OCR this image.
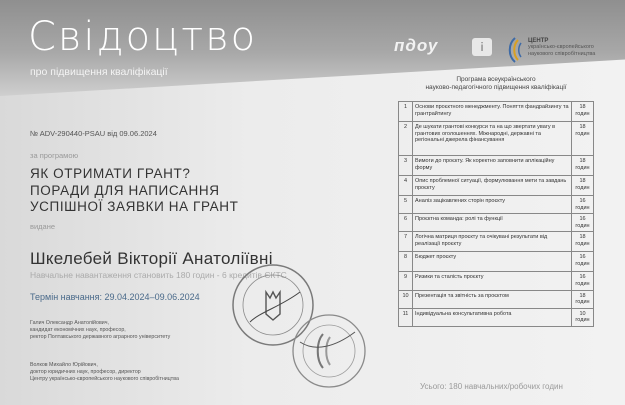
Свідоцтво
про підвищення кваліфікації
пдоу	i	ЦЕНТР
українсько-європейського наукового співробітництва
№ ADV-290440-PSAU від 09.06.2024
за програмою
ЯК ОТРИМАТИ ГРАНТ?
ПОРАДИ ДЛЯ НАПИСАННЯ
УСПІШНОЇ ЗАЯВКИ НА ГРАНТ
видане
Шкелебей Вікторії Анатоліївні
Навчальне навантаження становить 180 годин - 6 кредитів ЄКТС
Термін навчання: 29.04.2024–09.06.2024
Галич Олександр Анатолійович,
кандидат економічних наук, професор,
ректор Полтавського державного аграрного університету
Волков Михайло Юрійович,
доктор юридичних наук, професор, директор
Центру українсько-європейського наукового співробітництва
Програма всеукраїнського
науково-педагогічного підвищення кваліфікації
1	Основи проєктного менеджменту. Поняття фандрайзингу та грантрайтингу	18 годин
2	Де шукати грантові конкурси та на що звертати увагу в грантових оголошеннях. Міжнародні, державні та регіональні джерела фінансування	18 годин
3	Вимоги до проєкту. Як коректно заповнити аплікаційну форму	18 годин
4	Опис проблемної ситуації, формулювання мети та завдань проєкту	18 годин
5	Аналіз зацікавлених сторін проєкту	16 годин
6	Проєктна команда: ролі та функції	16 годин
7	Логічна матриця проєкту та очікувані результати від реалізації проєкту	18 годин
8	Бюджет проєкту	16 годин
9	Ризики та сталість проєкту	16 годин
10	Презентація та звітність за проєктом	18 годин
11	Індивідуальна консультативна робота	10 годин
Усього: 180 навчальних/робочих годин
